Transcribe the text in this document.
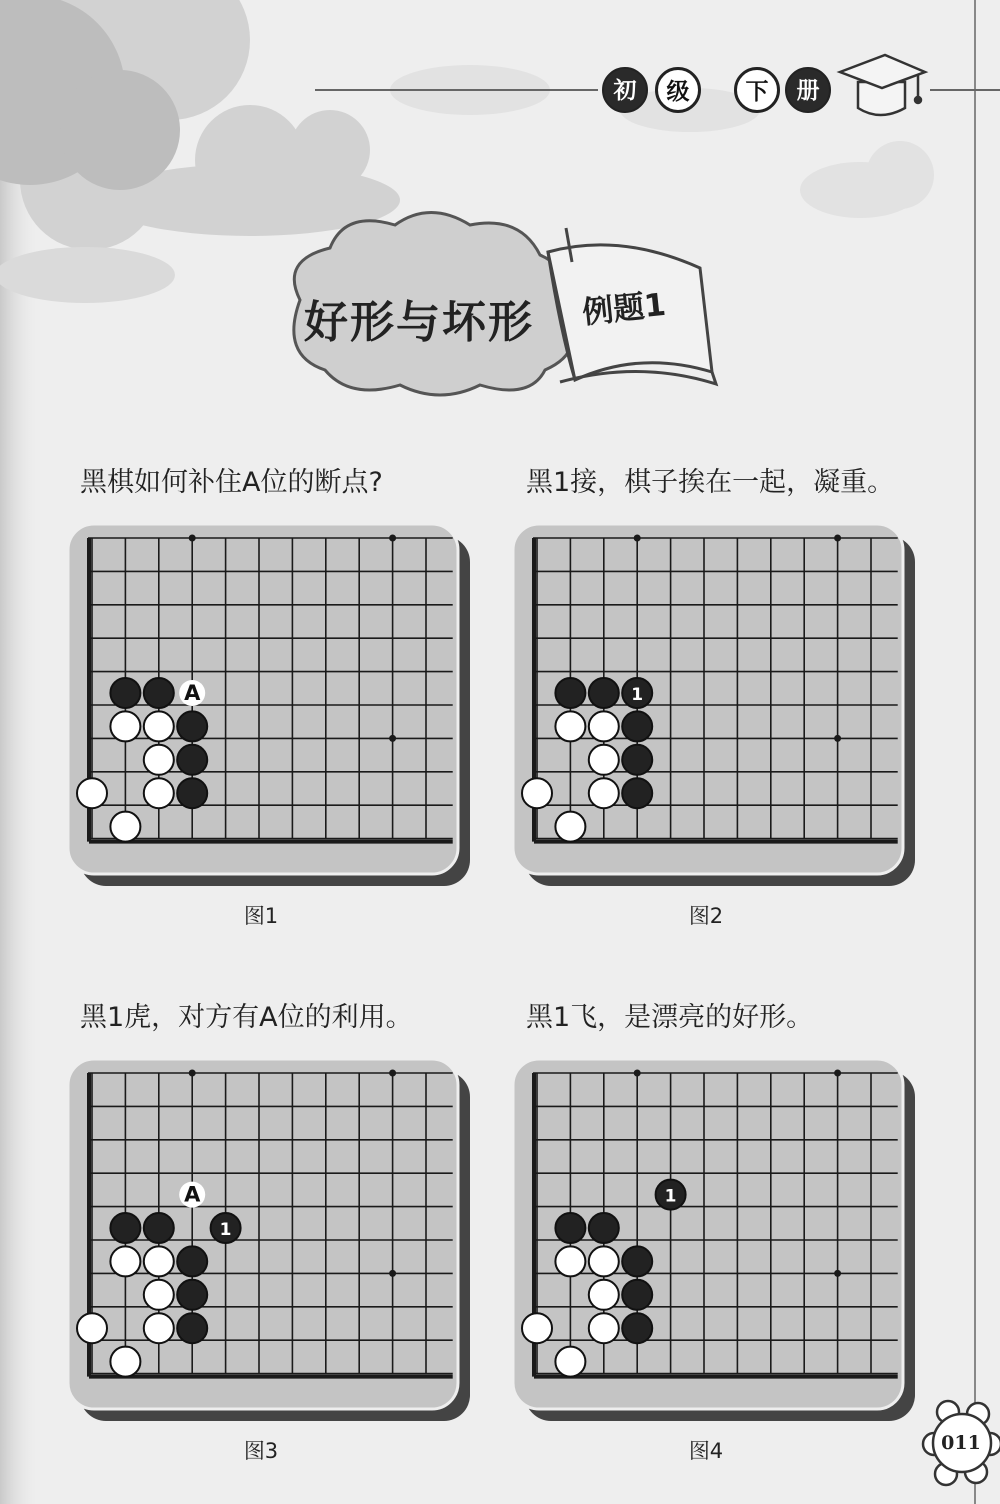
初	级	下	册
好形与坏形 例题1
黑棋如何补住A位的断点?
A
图1
黑1接，棋子挨在一起，凝重。
1
图2
黑1虎，对方有A位的利用。
A
1
图3
黑1飞，是漂亮的好形。
1
图4	011
